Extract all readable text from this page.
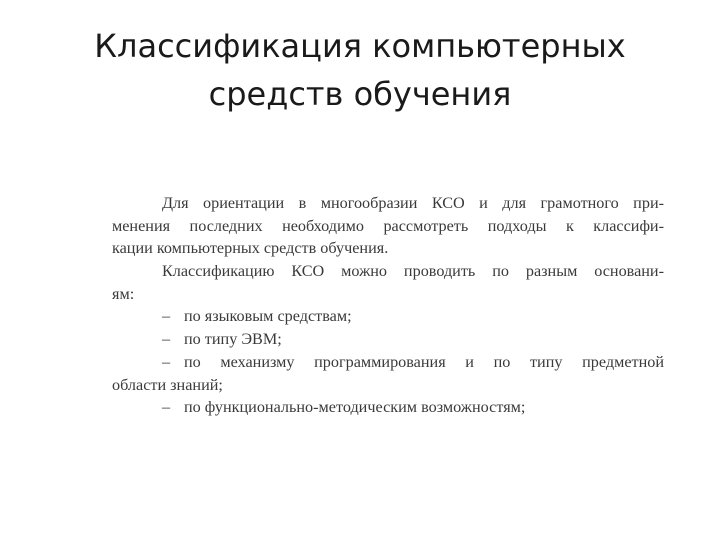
Классификация компьютерных
средств обучения
Для ориентации в многообразии КСО и для грамотного при-
менения последних необходимо рассмотреть подходы к классифи-
кации компьютерных средств обучения.
Классификацию КСО можно проводить по разным основани-
ям:
– по языковым средствам;
– по типу ЭВМ;
– по механизму программирования и по типу предметной
области знаний;
– по функционально-методическим возможностям;
